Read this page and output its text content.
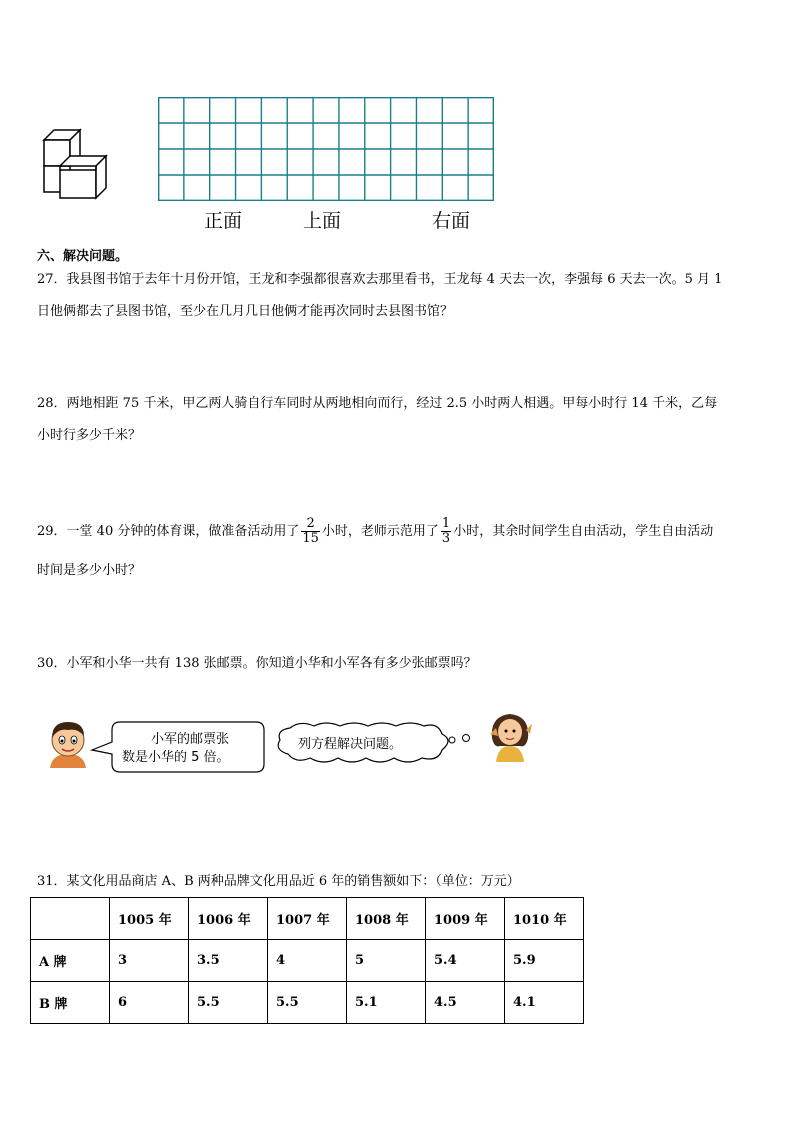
正面	上面	右面
六、解决问题。
27．我县图书馆于去年十月份开馆，王龙和李强都很喜欢去那里看书，王龙每 4 天去一次，李强每 6 天去一次。5 月 1
日他俩都去了县图书馆，至少在几月几日他俩才能再次同时去县图书馆？
28．两地相距 75 千米，甲乙两人骑自行车同时从两地相向而行，经过 2.5 小时两人相遇。甲每小时行 14 千米，乙每
小时行多少千米？
29．一堂 40 分钟的体育课，做准备活动用了 $\frac{2}{15}$ 小时，老师示范用了 $\frac{1}{3}$ 小时，其余时间学生自由活动，学生自由活动
时间是多少小时？
30．小军和小华一共有 138 张邮票。你知道小华和小军各有多少张邮票吗？
小军的邮票张
数是小华的 5 倍。
列方程解决问题。
31．某文化用品商店 A、B 两种品牌文化用品近 6 年的销售额如下：（单位：万元）
	1005 年	1006 年	1007 年	1008 年	1009 年	1010 年
A 牌	3	3.5	4	5	5.4	5.9
B 牌	6	5.5	5.5	5.1	4.5	4.1
